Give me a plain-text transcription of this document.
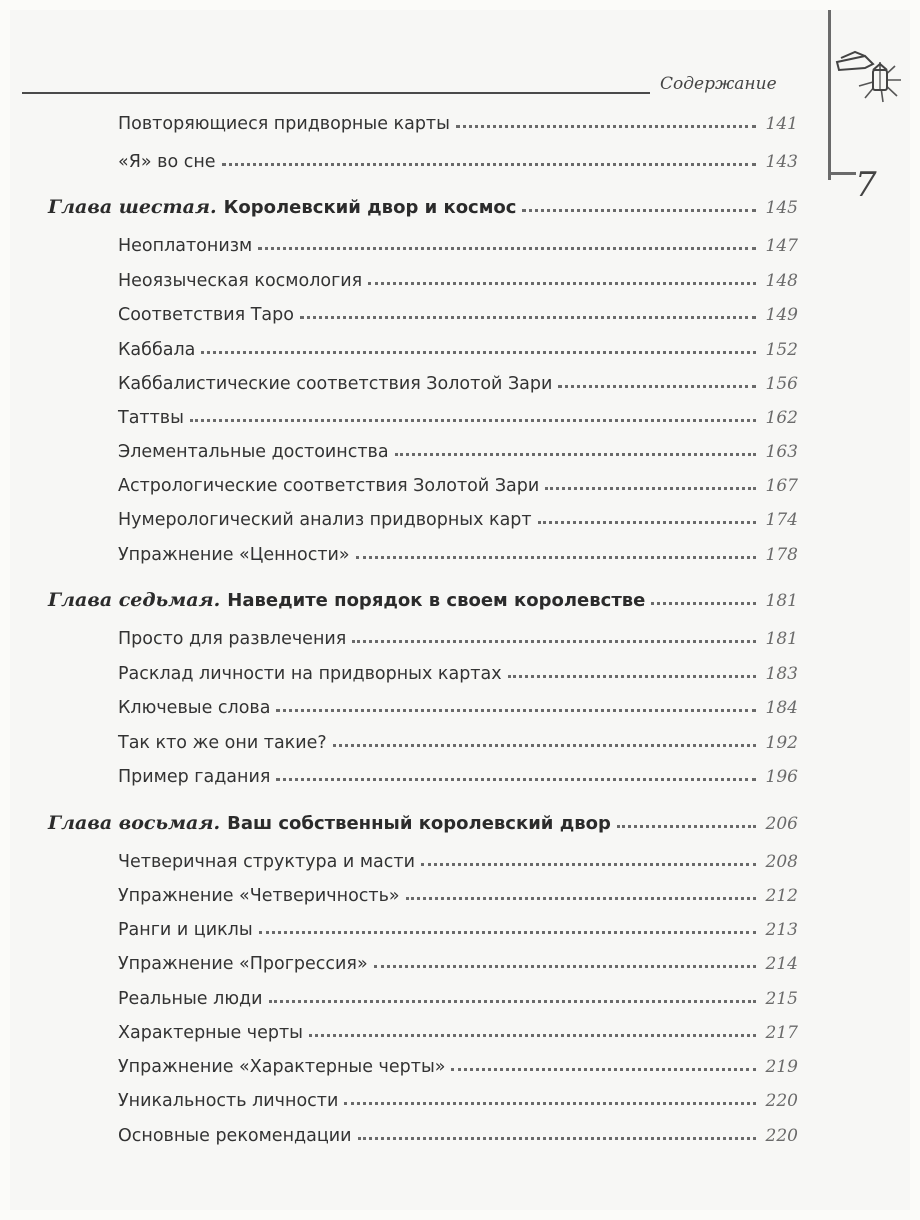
7
Содержание
Повторяющиеся придворные карты	141
«Я» во сне	143
Глава шестая. Королевский двор и космос	145
Неоплатонизм	147
Неоязыческая космология	148
Соответствия Таро	149
Каббала	152
Каббалистические соответствия Золотой Зари	156
Таттвы	162
Элементальные достоинства	163
Астрологические соответствия Золотой Зари	167
Нумерологический анализ придворных карт	174
Упражнение «Ценности»	178
Глава седьмая. Наведите порядок в своем королевстве	181
Просто для развлечения	181
Расклад личности на придворных картах	183
Ключевые слова	184
Так кто же они такие?	192
Пример гадания	196
Глава восьмая. Ваш собственный королевский двор	206
Четверичная структура и масти	208
Упражнение «Четверичность»	212
Ранги и циклы	213
Упражнение «Прогрессия»	214
Реальные люди	215
Характерные черты	217
Упражнение «Характерные черты»	219
Уникальность личности	220
Основные рекомендации	220
